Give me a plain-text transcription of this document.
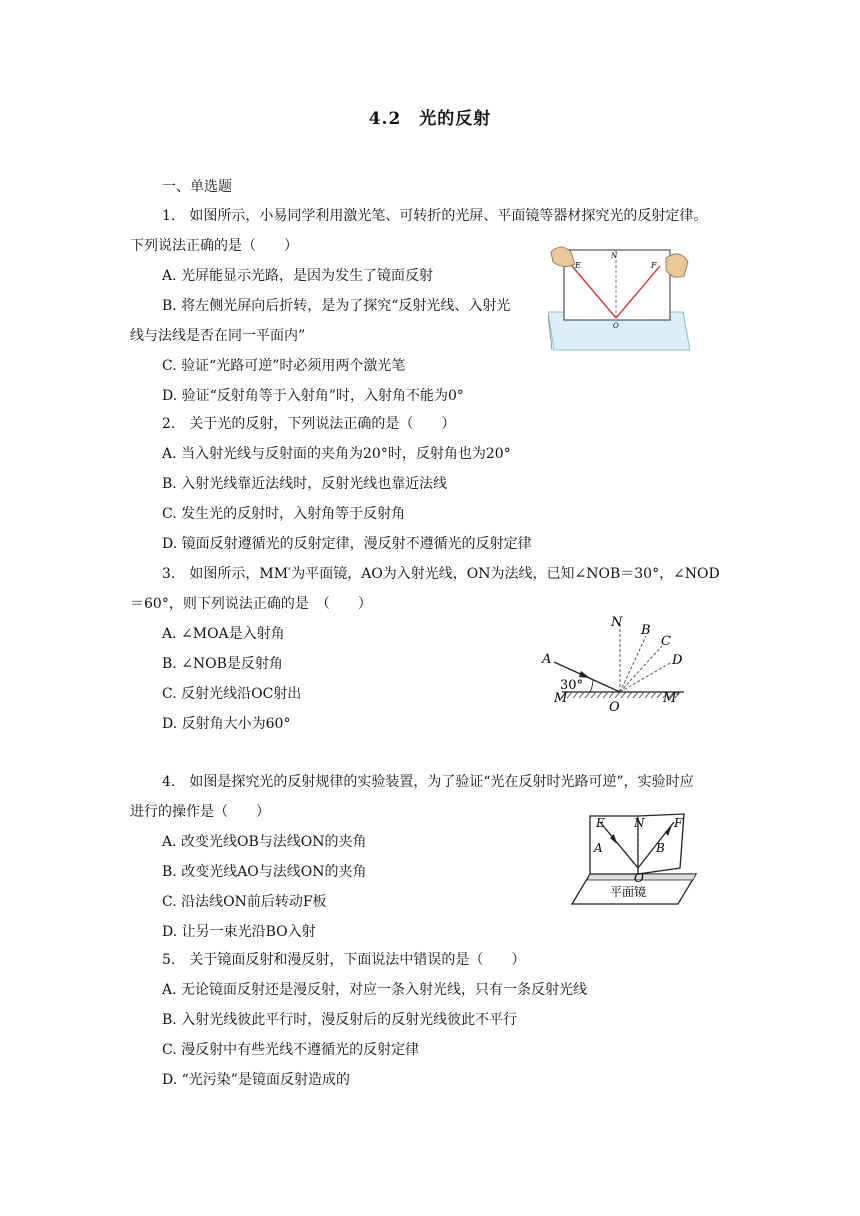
4.2　光的反射
一、单选题
1.　如图所示，小易同学利用激光笔、可转折的光屏、平面镜等器材探究光的反射定律。
下列说法正确的是（　　）
A. 光屏能显示光路，是因为发生了镜面反射
B. 将左侧光屏向后折转，是为了探究“反射光线、入射光
线与法线是否在同一平面内”
C. 验证“光路可逆”时必须用两个激光笔
D. 验证“反射角等于入射角”时，入射角不能为0°
E
N
F
O
2.　关于光的反射，下列说法正确的是（　　）
A. 当入射光线与反射面的夹角为20°时，反射角也为20°
B. 入射光线靠近法线时，反射光线也靠近法线
C. 发生光的反射时，入射角等于反射角
D. 镜面反射遵循光的反射定律，漫反射不遵循光的反射定律
3.　如图所示，MM′为平面镜，AO为入射光线，ON为法线，已知∠NOB＝30°，∠NOD
＝60°，则下列说法正确的是　（　　）
A. ∠MOA是入射角
B. ∠NOB是反射角
C. 反射光线沿OC射出
D. 反射角大小为60°
N
B
C
D
A
30°
M	M′
O
4.　如图是探究光的反射规律的实验装置，为了验证“光在反射时光路可逆”，实验时应
进行的操作是（　　）
A. 改变光线OB与法线ON的夹角
B. 改变光线AO与法线ON的夹角
C. 沿法线ON前后转动F板
D. 让另一束光沿BO入射
E N F
A	B
O
平面镜
5.　关于镜面反射和漫反射，下面说法中错误的是（　　）
A. 无论镜面反射还是漫反射，对应一条入射光线，只有一条反射光线
B. 入射光线彼此平行时，漫反射后的反射光线彼此不平行
C. 漫反射中有些光线不遵循光的反射定律
D. “光污染”是镜面反射造成的
